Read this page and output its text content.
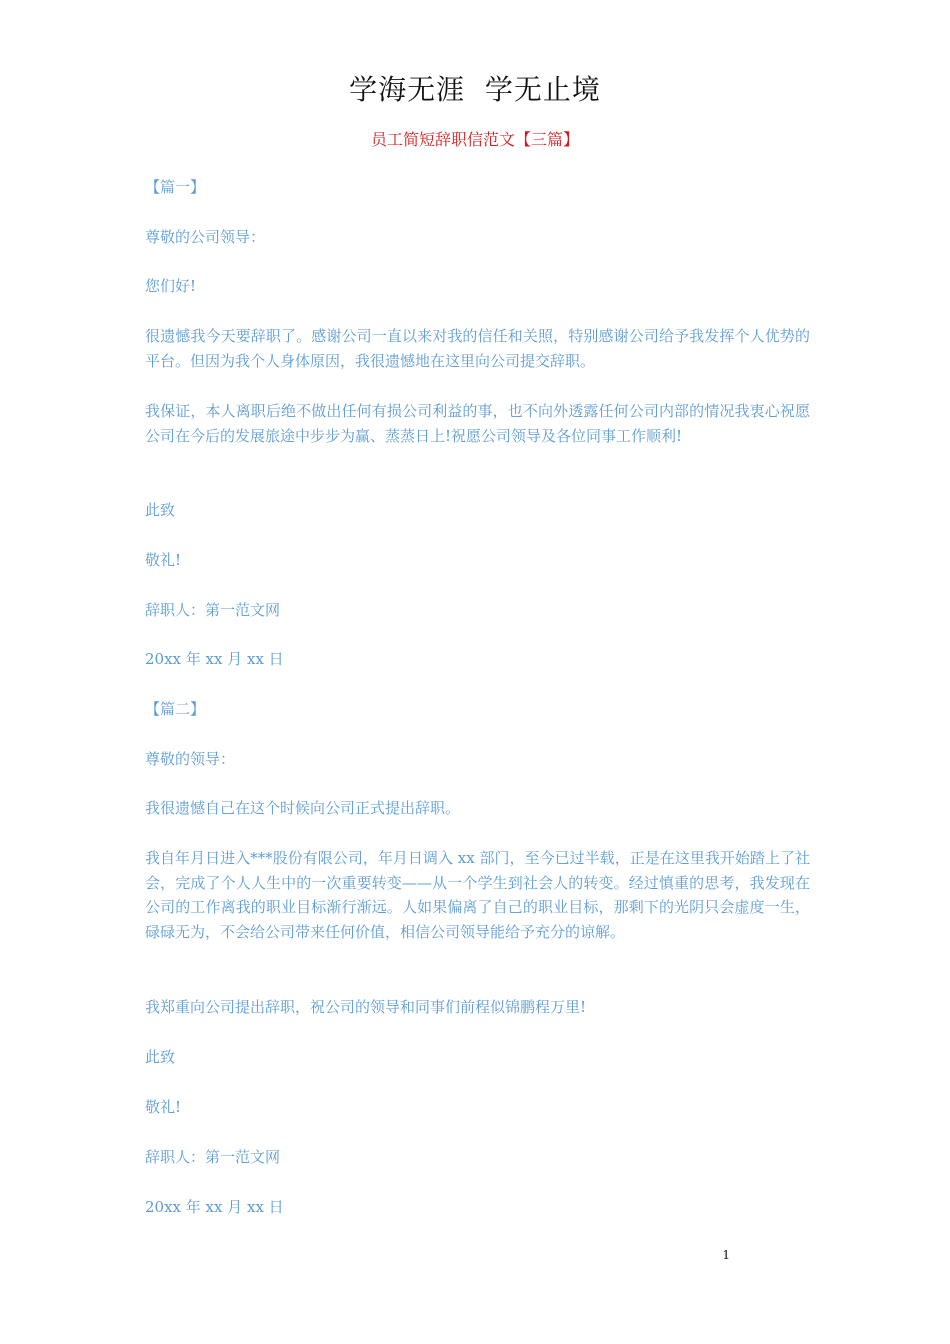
学海无涯  学无止境
员工简短辞职信范文【三篇】

【篇一】

尊敬的公司领导：

您们好!

很遗憾我今天要辞职了。感谢公司一直以来对我的信任和关照，特别感谢公司给予我发挥个人优势的平台。但因为我个人身体原因，我很遗憾地在这里向公司提交辞职。

我保证，本人离职后绝不做出任何有损公司利益的事，也不向外透露任何公司内部的情况我衷心祝愿公司在今后的发展旅途中步步为赢、蒸蒸日上!祝愿公司领导及各位同事工作顺利!

此致

敬礼!

辞职人：第一范文网

20xx 年 xx 月 xx 日

【篇二】

尊敬的领导：

我很遗憾自己在这个时候向公司正式提出辞职。

我自年月日进入***股份有限公司，年月日调入 xx 部门，至今已过半载，正是在这里我开始踏上了社会，完成了个人人生中的一次重要转变——从一个学生到社会人的转变。经过慎重的思考，我发现在公司的工作离我的职业目标渐行渐远。人如果偏离了自己的职业目标，那剩下的光阴只会虚度一生，碌碌无为，不会给公司带来任何价值，相信公司领导能给予充分的谅解。

我郑重向公司提出辞职，祝公司的领导和同事们前程似锦鹏程万里!

此致

敬礼!

辞职人：第一范文网

20xx 年 xx 月 xx 日

1
